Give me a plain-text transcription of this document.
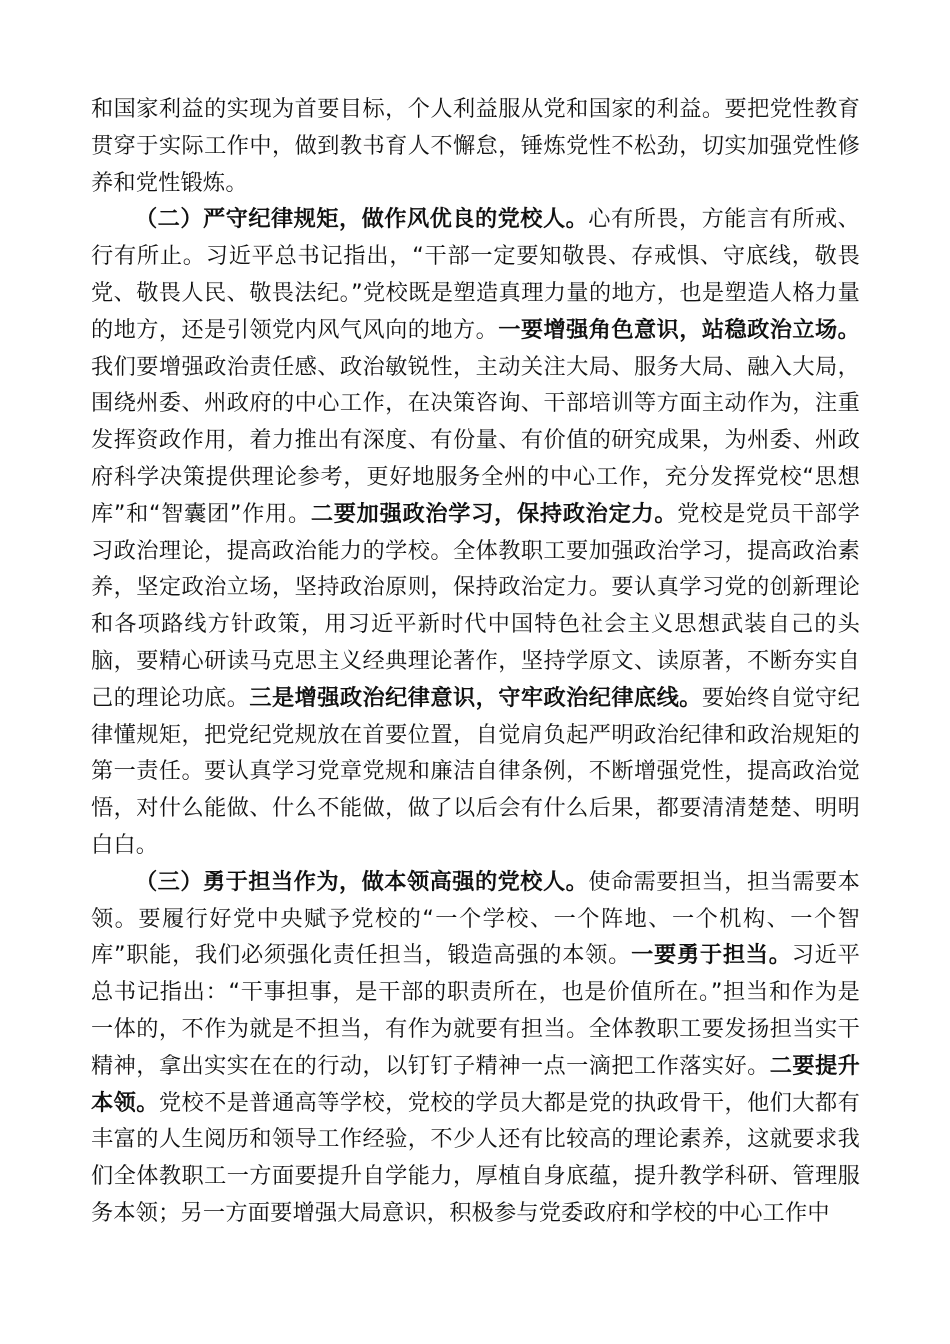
和国家利益的实现为首要目标，个人利益服从党和国家的利益。要把党性教育贯穿于实际工作中，做到教书育人不懈怠，锤炼党性不松劲，切实加强党性修养和党性锻炼。

（二）严守纪律规矩，做作风优良的党校人。心有所畏，方能言有所戒、行有所止。习近平总书记指出，“干部一定要知敬畏、存戒惧、守底线，敬畏党、敬畏人民、敬畏法纪。”党校既是塑造真理力量的地方，也是塑造人格力量的地方，还是引领党内风气风向的地方。一要增强角色意识，站稳政治立场。我们要增强政治责任感、政治敏锐性，主动关注大局、服务大局、融入大局，围绕州委、州政府的中心工作，在决策咨询、干部培训等方面主动作为，注重发挥资政作用，着力推出有深度、有份量、有价值的研究成果，为州委、州政府科学决策提供理论参考，更好地服务全州的中心工作，充分发挥党校“思想库”和“智囊团”作用。二要加强政治学习，保持政治定力。党校是党员干部学习政治理论，提高政治能力的学校。全体教职工要加强政治学习，提高政治素养，坚定政治立场，坚持政治原则，保持政治定力。要认真学习党的创新理论和各项路线方针政策，用习近平新时代中国特色社会主义思想武装自己的头脑，要精心研读马克思主义经典理论著作，坚持学原文、读原著，不断夯实自己的理论功底。三是增强政治纪律意识，守牢政治纪律底线。要始终自觉守纪律懂规矩，把党纪党规放在首要位置，自觉肩负起严明政治纪律和政治规矩的第一责任。要认真学习党章党规和廉洁自律条例，不断增强党性，提高政治觉悟，对什么能做、什么不能做，做了以后会有什么后果，都要清清楚楚、明明白白。

（三）勇于担当作为，做本领高强的党校人。使命需要担当，担当需要本领。要履行好党中央赋予党校的“一个学校、一个阵地、一个机构、一个智库”职能，我们必须强化责任担当，锻造高强的本领。一要勇于担当。习近平总书记指出：“干事担事，是干部的职责所在，也是价值所在。”担当和作为是一体的，不作为就是不担当，有作为就要有担当。全体教职工要发扬担当实干精神，拿出实实在在的行动，以钉钉子精神一点一滴把工作落实好。二要提升本领。党校不是普通高等学校，党校的学员大都是党的执政骨干，他们大都有丰富的人生阅历和领导工作经验，不少人还有比较高的理论素养，这就要求我们全体教职工一方面要提升自学能力，厚植自身底蕴，提升教学科研、管理服务本领；另一方面要增强大局意识，积极参与党委政府和学校的中心工作中
